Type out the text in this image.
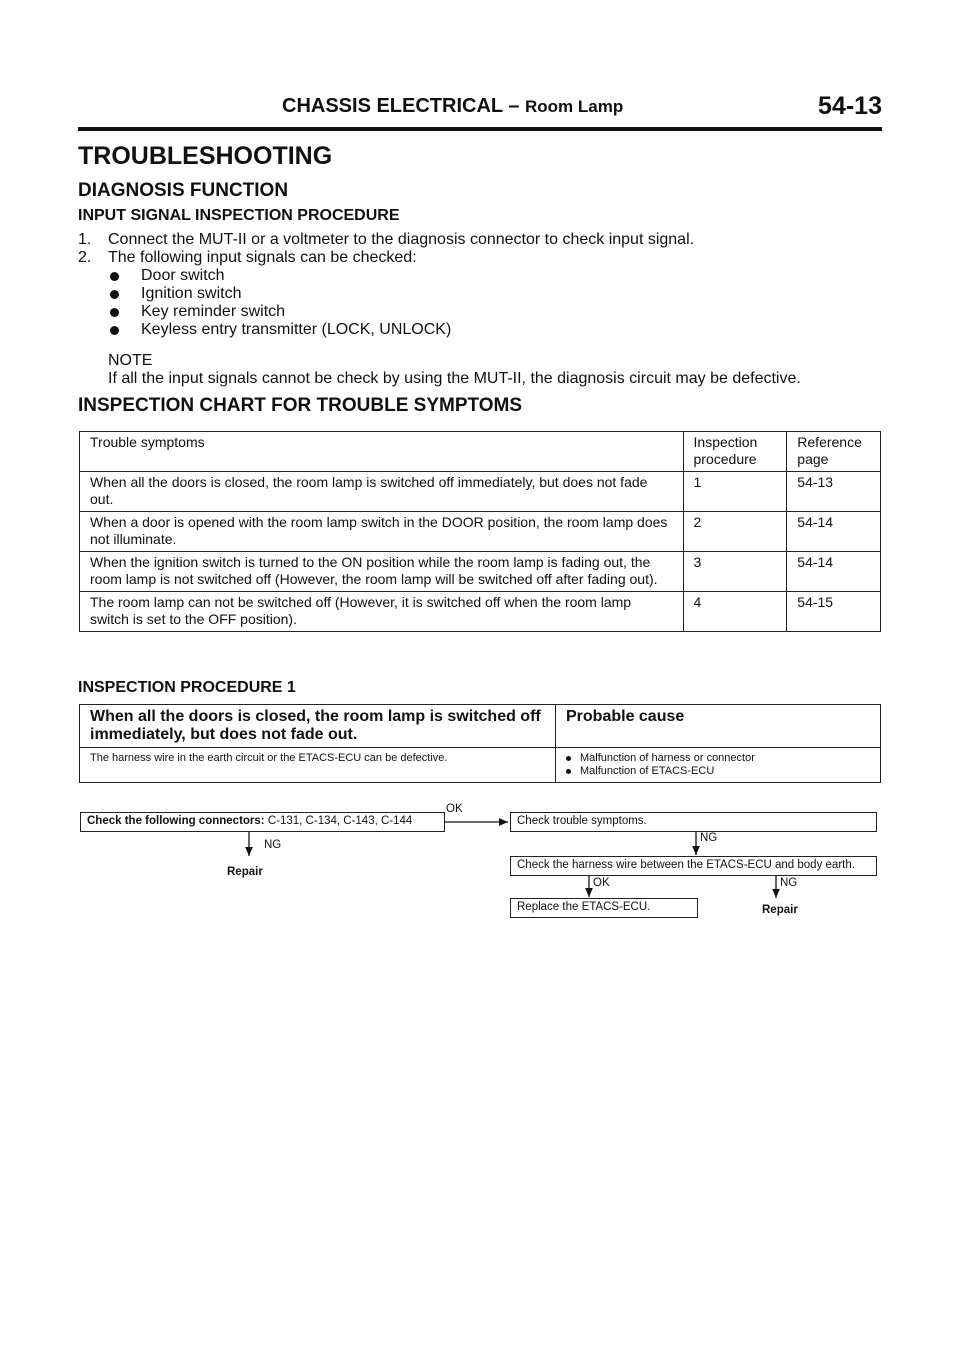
CHASSIS ELECTRICAL – Room Lamp	54-13
TROUBLESHOOTING
DIAGNOSIS FUNCTION
INPUT SIGNAL INSPECTION PROCEDURE
1.	Connect the MUT-II or a voltmeter to the diagnosis connector to check input signal.
2.	The following input signals can be checked:
Door switch
Ignition switch
Key reminder switch
Keyless entry transmitter (LOCK, UNLOCK)
NOTE
If all the input signals cannot be check by using the MUT-II, the diagnosis circuit may be defective.
INSPECTION CHART FOR TROUBLE SYMPTOMS
Trouble symptoms	Inspection procedure	Reference page
When all the doors is closed, the room lamp is switched off immediately, but does not fade out.	1	54-13
When a door is opened with the room lamp switch in the DOOR position, the room lamp does not illuminate.	2	54-14
When the ignition switch is turned to the ON position while the room lamp is fading out, the room lamp is not switched off (However, the room lamp will be switched off after fading out).	3	54-14
The room lamp can not be switched off (However, it is switched off when the room lamp switch is set to the OFF position).	4	54-15
INSPECTION PROCEDURE 1
When all the doors is closed, the room lamp is switched off immediately, but does not fade out.	Probable cause
The harness wire in the earth circuit or the ETACS-ECU can be defective.	Malfunction of harness or connector
Malfunction of ETACS-ECU
Check the following connectors: C-131, C-134, C-143, C-144
OK
NG
Repair
Check trouble symptoms.
NG
Check the harness wire between the ETACS-ECU and body earth.
OK	NG
Replace the ETACS-ECU.	Repair
